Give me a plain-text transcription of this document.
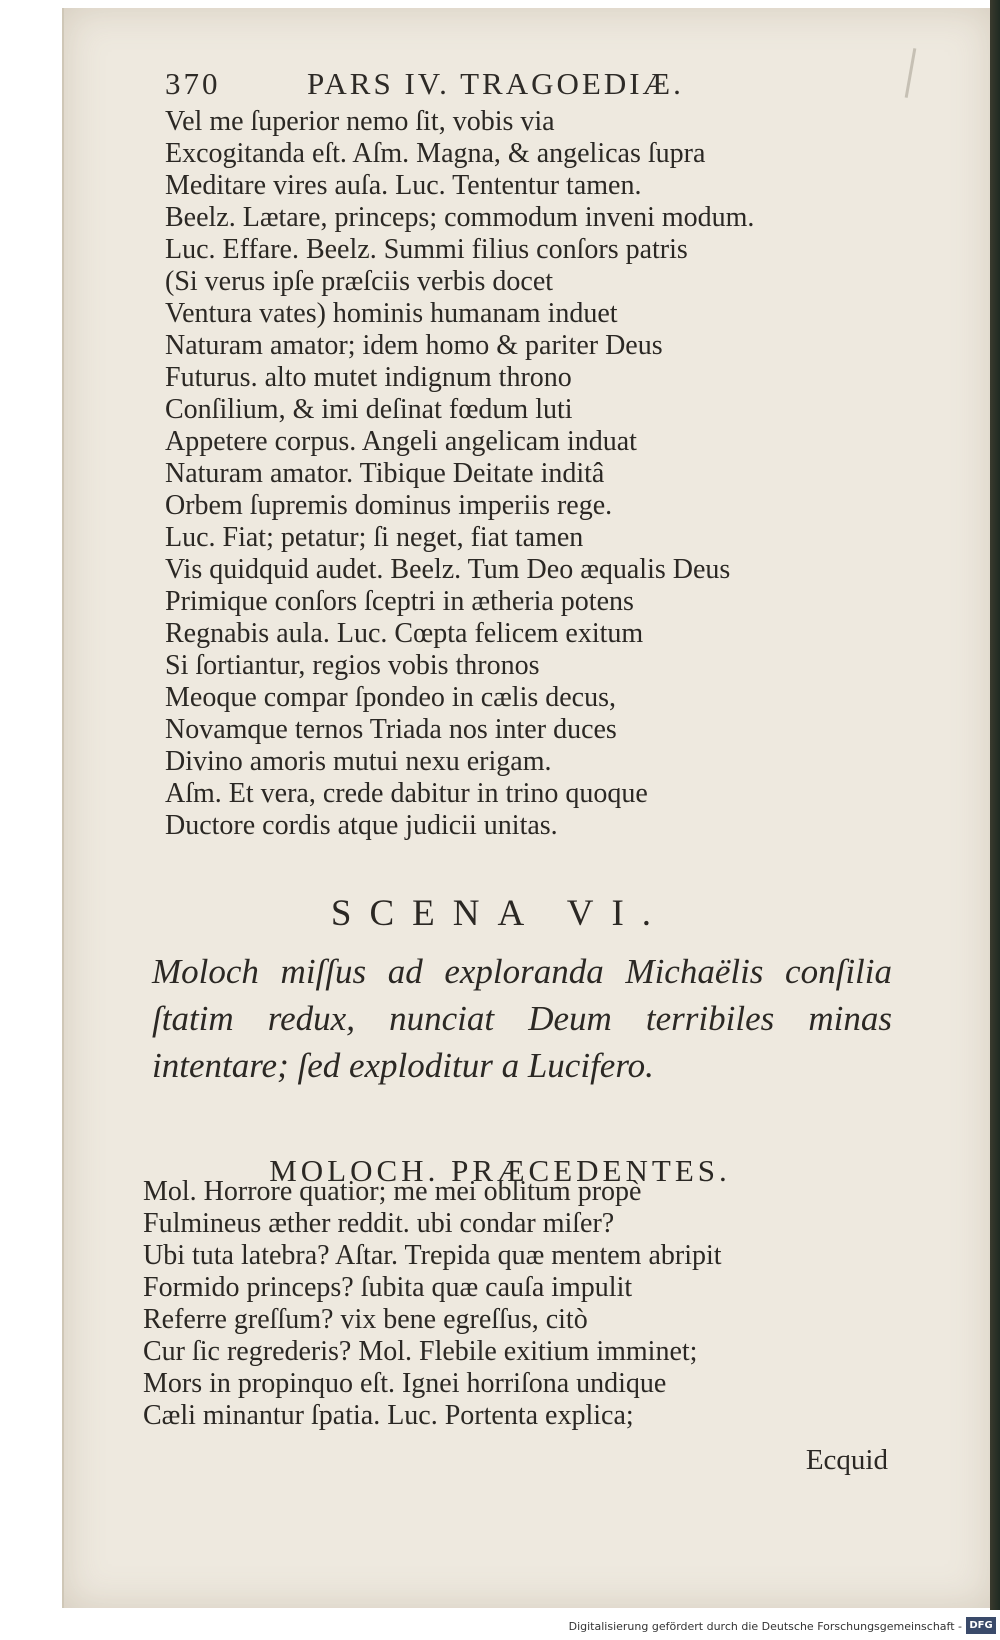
370	PARS IV. TRAGOEDIÆ.
Vel me ſuperior nemo ſit, vobis via
Excogitanda eſt. Aſm. Magna, & angelicas ſupra
Meditare vires auſa. Luc. Tententur tamen.
Beelz. Lætare, princeps; commodum inveni modum.
Luc. Effare. Beelz. Summi filius conſors patris
(Si verus ipſe præſciis verbis docet
Ventura vates) hominis humanam induet
Naturam amator; idem homo & pariter Deus
Futurus. alto mutet indignum throno
Conſilium, & imi deſinat fœdum luti
Appetere corpus. Angeli angelicam induat
Naturam amator. Tibique Deitate inditâ
Orbem ſupremis dominus imperiis rege.
Luc. Fiat; petatur; ſi neget, fiat tamen
Vis quidquid audet. Beelz. Tum Deo æqualis Deus
Primique conſors ſceptri in ætheria potens
Regnabis aula. Luc. Cœpta felicem exitum
Si ſortiantur, regios vobis thronos
Meoque compar ſpondeo in cælis decus,
Novamque ternos Triada nos inter duces
Divino amoris mutui nexu erigam.
Aſm. Et vera, crede dabitur in trino quoque
Ductore cordis atque judicii unitas.
SCENA VI.
Moloch miſſus ad exploranda Michaëlis conſilia ſtatim redux, nunciat Deum terribiles minas intentare; ſed exploditur a Lucifero.
MOLOCH. PRÆCEDENTES.
Mol. Horrore quatior; me mei oblitum propè
Fulmineus æther reddit. ubi condar miſer?
Ubi tuta latebra? Aſtar. Trepida quæ mentem abripit
Formido princeps? ſubita quæ cauſa impulit
Referre greſſum? vix bene egreſſus, citò
Cur ſic regrederis? Mol. Flebile exitium imminet;
Mors in propinquo eſt. Ignei horriſona undique
Cæli minantur ſpatia. Luc. Portenta explica;
Ecquid
Digitalisierung gefördert durch die Deutsche Forschungsgemeinschaft - DFG
